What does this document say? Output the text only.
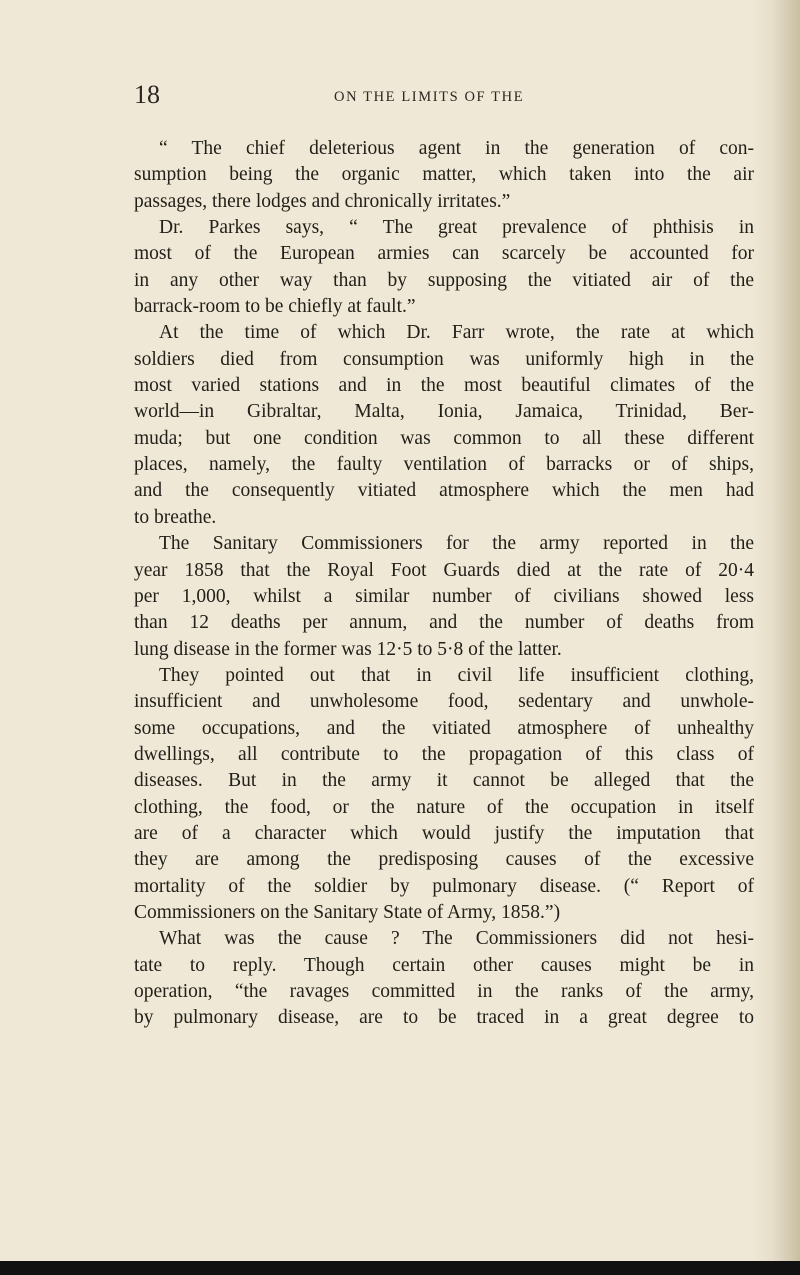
18	ON THE LIMITS OF THE
“ The chief deleterious agent in the generation of con-
sumption being the organic matter, which taken into the air
passages, there lodges and chronically irritates.”
Dr. Parkes says, “ The great prevalence of phthisis in
most of the European armies can scarcely be accounted for
in any other way than by supposing the vitiated air of the
barrack-room to be chiefly at fault.”
At the time of which Dr. Farr wrote, the rate at which
soldiers died from consumption was uniformly high in the
most varied stations and in the most beautiful climates of the
world—in Gibraltar, Malta, Ionia, Jamaica, Trinidad, Ber-
muda; but one condition was common to all these different
places, namely, the faulty ventilation of barracks or of ships,
and the consequently vitiated atmosphere which the men had
to breathe.
The Sanitary Commissioners for the army reported in the
year 1858 that the Royal Foot Guards died at the rate of 20·4
per 1,000, whilst a similar number of civilians showed less
than 12 deaths per annum, and the number of deaths from
lung disease in the former was 12·5 to 5·8 of the latter.
They pointed out that in civil life insufficient clothing,
insufficient and unwholesome food, sedentary and unwhole-
some occupations, and the vitiated atmosphere of unhealthy
dwellings, all contribute to the propagation of this class of
diseases. But in the army it cannot be alleged that the
clothing, the food, or the nature of the occupation in itself
are of a character which would justify the imputation that
they are among the predisposing causes of the excessive
mortality of the soldier by pulmonary disease. (“ Report of
Commissioners on the Sanitary State of Army, 1858.”)
What was the cause ? The Commissioners did not hesi-
tate to reply. Though certain other causes might be in
operation, “the ravages committed in the ranks of the army,
by pulmonary disease, are to be traced in a great degree to
